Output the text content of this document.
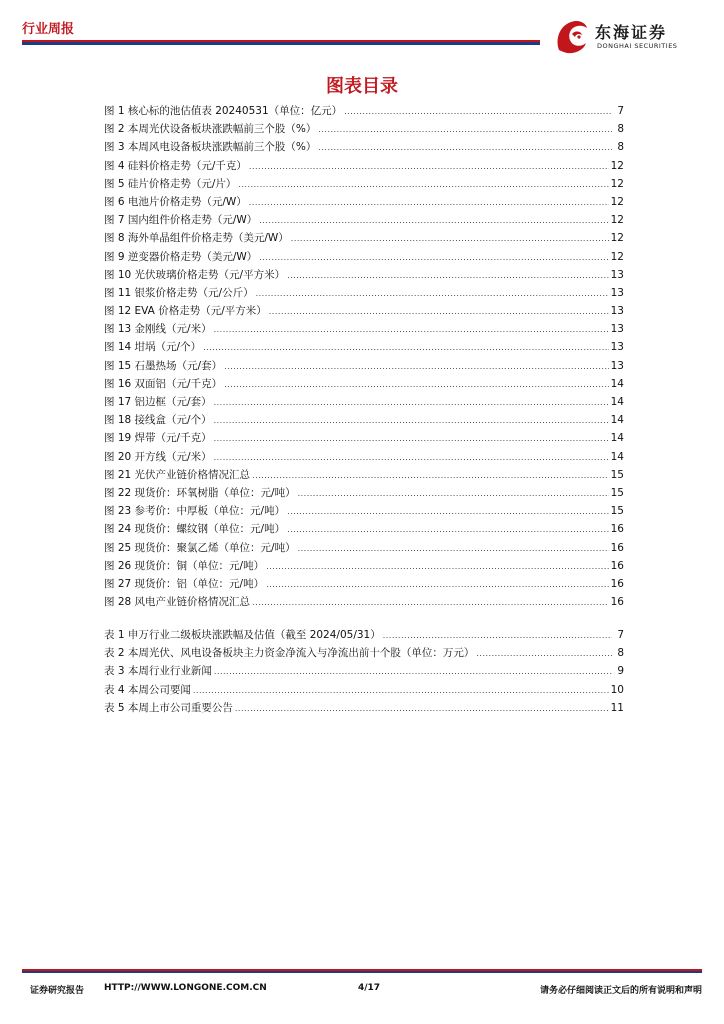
行业周报	东海证券
DONGHAI SECURITIES
图表目录
图 1 核心标的池估值表 20240531（单位：亿元） .....	7
图 2 本周光伏设备板块涨跌幅前三个股（%） .....	8
图 3 本周风电设备板块涨跌幅前三个股（%） .....	8
图 4 硅料价格走势（元/千克） .....	12
图 5 硅片价格走势（元/片） .....	12
图 6 电池片价格走势（元/W） .....	12
图 7 国内组件价格走势（元/W） .....	12
图 8 海外单晶组件价格走势（美元/W） .....	12
图 9 逆变器价格走势（美元/W） .....	12
图 10 光伏玻璃价格走势（元/平方米） .....	13
图 11 银浆价格走势（元/公斤） .....	13
图 12 EVA 价格走势（元/平方米） .....	13
图 13 金刚线（元/米） .....	13
图 14 坩埚（元/个） .....	13
图 15 石墨热场（元/套） .....	13
图 16 双面铝（元/千克） .....	14
图 17 铝边框（元/套） .....	14
图 18 接线盒（元/个） .....	14
图 19 焊带（元/千克） .....	14
图 20 开方线（元/米） .....	14
图 21 光伏产业链价格情况汇总 .....	15
图 22 现货价：环氧树脂（单位：元/吨） .....	15
图 23 参考价：中厚板（单位：元/吨） .....	15
图 24 现货价：螺纹钢（单位：元/吨） .....	16
图 25 现货价：聚氯乙烯（单位：元/吨） .....	16
图 26 现货价：铜（单位：元/吨） .....	16
图 27 现货价：铝（单位：元/吨） .....	16
图 28 风电产业链价格情况汇总 .....	16
表 1 申万行业二级板块涨跌幅及估值（截至 2024/05/31） .....	7
表 2 本周光伏、风电设备板块主力资金净流入与净流出前十个股（单位：万元） .....	8
表 3 本周行业行业新闻 .....	9
表 4 本周公司要闻 .....	10
表 5 本周上市公司重要公告 .....	11
证券研究报告 HTTP://WWW.LONGONE.COM.CN	4/17	请务必仔细阅读正文后的所有说明和声明
